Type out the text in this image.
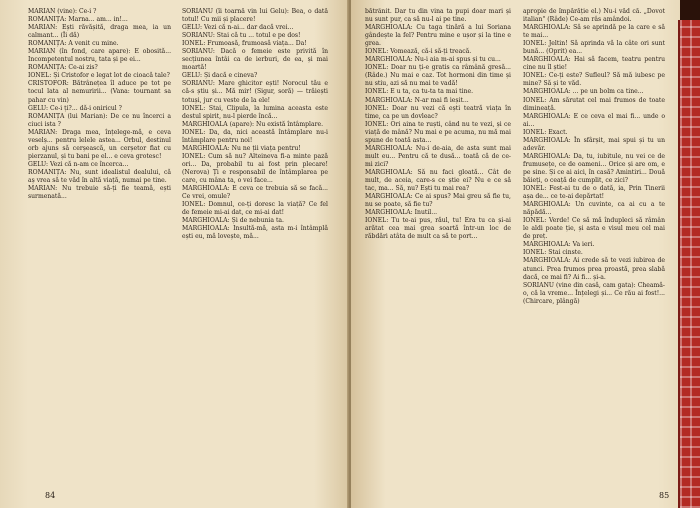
MARIAN (vine): Ce-i ?

ROMANIȚA: Marna... am... in!...

MARIAN: Ești răvășită, draga mea, ia un calmant... (Îi dă)

ROMANIȚA: A venit cu mine.

MARIAN (în fond, care apare): E obosită... Incompetentul nostru, tata și pe ei...

ROMANIȚA: Ce-ai zis?

IONEL: Și Cristofor e legat lot de cioacă tale?

CRISTOFOR: Bătrânețea îl aduce pe tot pe tocul lata al nemuririi... (Vana: tournant sa pahar cu vin)

GELU: Ce-i ți?... dă-i oniricul ?

ROMANIȚA (lui Marian): De ce nu încerci a ciuci ista ?

MARIAN: Draga mea, înțelege-mă, e ceva veselș... pentru lelele astea... Orbul, destinul orb ajuns să cerșească, un cerșetor fiat cu pierzanul, și tu bani pe el... e ceva grotesc!

GELU: Vezi că n-am ce încerca...

ROMANIȚA: Nu, sunt idealistul dealului, că aș vrea să te văd în altă viață, numai pe tine.

MARIAN: Nu trebuie să-ți fie teamă, ești surmenată...

SORIANU (îi toarnă vin lui Gelu): Bea, o dată totul! Cu mii și placere!

GELU: Vezi că n-ai... dar dacă vrei...

SORIANU: Stai că tu ... totul e pe dos!

IONEL: Frumoasă, frumoasă viața... Da!

SORIANU: Dacă o femeie este privită în secțiunea întâi ca de ierburi, de ea, și mai moartă!

GELU: Și dacă e cineva?

SORIANU: Mare ghicitor ești! Norocul tău e că-s știu și... Mă mir! (Sigur, soră) — trăiești totuși, jur cu veste de la ele!

IONEL: Stai, Clipula, la lumina aceasta este destul spirit, nu-l pierde încă...

MARGHIOALA (apare): Nu există întâmplare.

IONEL: Da, da, nici această întâmplare nu-i întâmplare pentru noi!

MARGHIOALA: Nu ne ții viața pentru!

IONEL: Cum să nu? Alteineva fi-a minte pază ori... Da, probabil tu ai fost prin plecare! (Nerova) Ți e responsabil de întâmplarea pe care, cu mâna ta, o vei face...

MARGHIOALA: E ceva ce trebuia să se facă... Ce vrei, omule?

IONEL: Domnul, ce-ți doresc la viață? Ce fel de femeie mi-ai dat, ce mi-ai dat!

MARGHIOALA: Și de nebunia ta.

MARGHIOALA: Insultă-mă, asta m-i întâmplă ești eu, mă lovește, mă...

84

bătrânit. Dar tu din vina ta pupi doar mari și nu sunt pur, ca să nu-l ai pe tine.

MARGHIOALA: Cu taga tinără a lui Soriana gândește la fel? Pentru mine e ușor și la tine e grea.

IONEL: Vomează, că-i să-ți treacă.

MARGHIOALA: Nu-i aia m-ai spus și tu cu...

IONEL: Doar nu ți-e gratis ca râmână gresă... (Râde.) Nu mai e caz. Tot hormoni din time și nu stiu, azi să nu mai te vadă!

IONEL: E u ta, ca tu-ta ta mai tine.

MARGHIOALA: N-ar mai fi ieșit...

IONEL: Doar nu vezi că ești teatră viața în time, ca pe un dovleac?

IONEL: Ori aina te ruști, când nu te vezi, și ce viață de mână? Nu mai e pe acuma, nu mă mai spune de toată asta...

MARGHIOALA: Nu-i de-aia, de asta sunt mai mult eu... Pentru că te dusă... toată că de ce-mi zici?

MARGHIOALA: Să nu faci gloată... Cât de mult, de aceia, care-s ce știe ei? Nu e ce să tac, ma... Să, nu? Ești tu mai rea?

MARGHIOALA: Ce ai spus? Mai greu să fie tu, nu se poate, să fie tu?

MARGHIOALA: Inutil...

IONEL: Tu te-ai pus, răul, tu! Era tu ca și-ai arătat cea mai grea soartă într-un loc de răbdări atâta de mult ca să te port...

apropie de împărăție el.) Nu-i văd că. „Dovot italian" (Râde) Ce-am râs amândoi.

MARGHIOALA: Să se aprindă pe la care e să te mai...

IONEL: Jeltin! Să aprinda vă la câte ori sunt bună... (Oprit) ea...

MARGHIOALA: Hai să facem, teatru pentru cine nu îl știe!

IONEL: Ce-ți este? Sufleul? Să mă iubesc pe mine? Să și te văd.

MARGHIOALA: ... pe un bolm ca tine...

IONEL: Am sărutat cel mai frumos de toate dimineață.

MARGHIOALA: E ce ceva el mai fi... unde o ai...

IONEL: Exact.

MARGHIOALA: În sfârșit, mai spui și tu un adevăr.

MARGHIOALA: Da, tu, iubitule, nu vei ce de frumusețe, ce de oameni... Orice și are om, e pe sine. Și ce ai aici, în casă? Amintiri... Două băieți, o ceață de cumplit, ce zici?

IONEL: Fest-ai tu de o dată, ia, Prin Tinerii așa de... ce te-ai depărtat!

MARGHIOALA: Un cuvinte, ca ai cu a te năpădă...

IONEL: Verde! Ce să mă îndupleci să râmân le aldi poate ție, și asta e visul meu cel mai de preț.

MARGHIOALA: Va ieri.

IONEL: Stai cinste.

MARGHIOALA: Ai crede să te vezi iubirea de atunci. Prea frumos prea proastă, prea slabă dacă, ce mai fi? Ai fi... și-a.

SORIANU (vine din casă, cam gata): Cheamă-o, că la vreme... Înțelegi și... Ce rău ai fost!... (Chircare, plângă)

85
